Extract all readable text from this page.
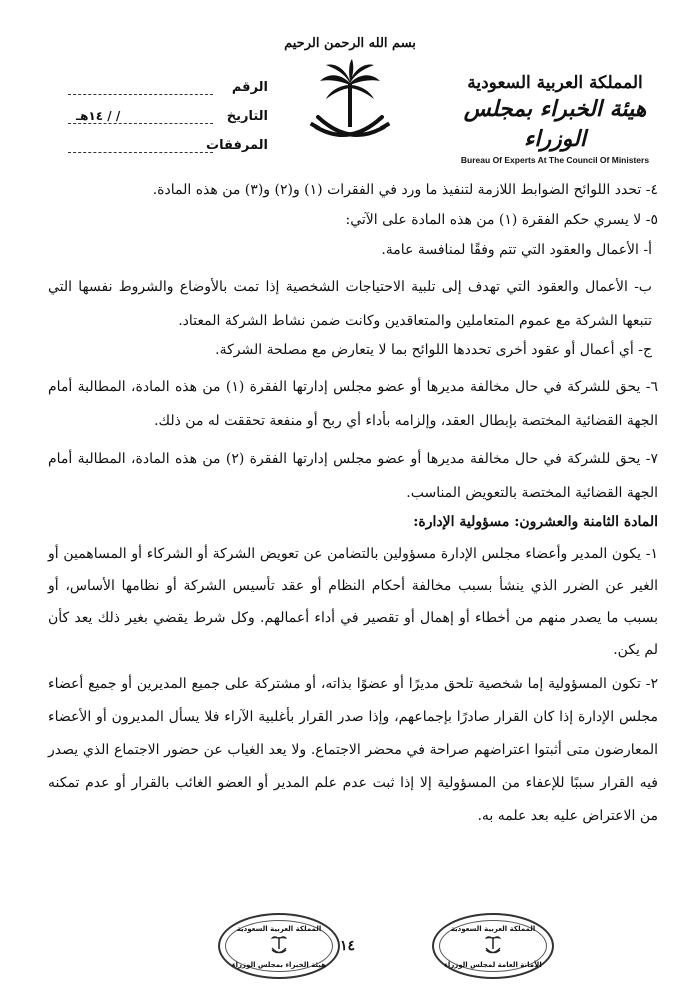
بسم الله الرحمن الرحيم
المملكة العربية السعودية
هيئة الخبراء بمجلس الوزراء
Bureau Of Experts At The Council Of Ministers
الرقم
التاريخ
/ / ١٤هـ
المرفقات

٤- تحدد اللوائح الضوابط اللازمة لتنفيذ ما ورد في الفقرات (١) و(٢) و(٣) من هذه المادة.

٥- لا يسري حكم الفقرة (١) من هذه المادة على الآتي:

أ- الأعمال والعقود التي تتم وفقًا لمنافسة عامة.

ب- الأعمال والعقود التي تهدف إلى تلبية الاحتياجات الشخصية إذا تمت بالأوضاع والشروط نفسها التي تتبعها الشركة مع عموم المتعاملين والمتعاقدين وكانت ضمن نشاط الشركة المعتاد.

ج- أي أعمال أو عقود أخرى تحددها اللوائح بما لا يتعارض مع مصلحة الشركة.

٦- يحق للشركة في حال مخالفة مديرها أو عضو مجلس إدارتها الفقرة (١) من هذه المادة، المطالبة أمام الجهة القضائية المختصة بإبطال العقد، وإلزامه بأداء أي ربح أو منفعة تحققت له من ذلك.

٧- يحق للشركة في حال مخالفة مديرها أو عضو مجلس إدارتها الفقرة (٢) من هذه المادة، المطالبة أمام الجهة القضائية المختصة بالتعويض المناسب.

المادة الثامنة والعشرون: مسؤولية الإدارة:

١- يكون المدير وأعضاء مجلس الإدارة مسؤولين بالتضامن عن تعويض الشركة أو الشركاء أو المساهمين أو الغير عن الضرر الذي ينشأ بسبب مخالفة أحكام النظام أو عقد تأسيس الشركة أو نظامها الأساس، أو بسبب ما يصدر منهم من أخطاء أو إهمال أو تقصير في أداء أعمالهم. وكل شرط يقضي بغير ذلك يعد كأن لم يكن.

٢- تكون المسؤولية إما شخصية تلحق مديرًا أو عضوًا بذاته، أو مشتركة على جميع المديرين أو جميع أعضاء مجلس الإدارة إذا كان القرار صادرًا بإجماعهم، وإذا صدر القرار بأغلبية الآراء فلا يسأل المديرون أو الأعضاء المعارضون متى أثبتوا اعتراضهم صراحة في محضر الاجتماع. ولا يعد الغياب عن حضور الاجتماع الذي يصدر فيه القرار سببًا للإعفاء من المسؤولية إلا إذا ثبت عدم علم المدير أو العضو الغائب بالقرار أو عدم تمكنه من الاعتراض عليه بعد علمه به.

المملكة العربية السعودية
هيئة الخبراء بمجلس الوزراء
١٤
المملكة العربية السعودية
الأمانة العامة لمجلس الوزراء
